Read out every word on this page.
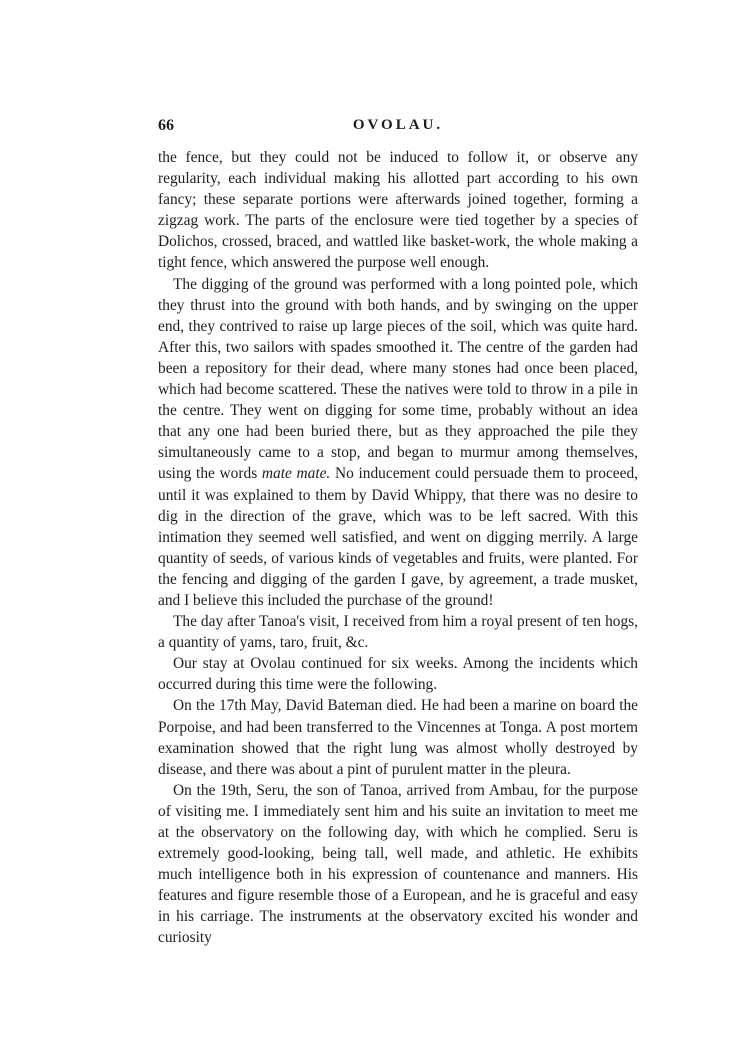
66	OVOLAU.

the fence, but they could not be induced to follow it, or observe any regularity, each individual making his allotted part according to his own fancy; these separate portions were afterwards joined together, forming a zigzag work. The parts of the enclosure were tied together by a species of Dolichos, crossed, braced, and wattled like basket-work, the whole making a tight fence, which answered the purpose well enough.

The digging of the ground was performed with a long pointed pole, which they thrust into the ground with both hands, and by swinging on the upper end, they contrived to raise up large pieces of the soil, which was quite hard. After this, two sailors with spades smoothed it. The centre of the garden had been a repository for their dead, where many stones had once been placed, which had become scattered. These the natives were told to throw in a pile in the centre. They went on digging for some time, probably without an idea that any one had been buried there, but as they approached the pile they simultaneously came to a stop, and began to murmur among themselves, using the words mate mate. No inducement could persuade them to proceed, until it was explained to them by David Whippy, that there was no desire to dig in the direction of the grave, which was to be left sacred. With this intimation they seemed well satisfied, and went on digging merrily. A large quantity of seeds, of various kinds of vegetables and fruits, were planted. For the fencing and digging of the garden I gave, by agreement, a trade musket, and I believe this included the purchase of the ground!

The day after Tanoa's visit, I received from him a royal present of ten hogs, a quantity of yams, taro, fruit, &c.

Our stay at Ovolau continued for six weeks. Among the incidents which occurred during this time were the following.

On the 17th May, David Bateman died. He had been a marine on board the Porpoise, and had been transferred to the Vincennes at Tonga. A post mortem examination showed that the right lung was almost wholly destroyed by disease, and there was about a pint of purulent matter in the pleura.

On the 19th, Seru, the son of Tanoa, arrived from Ambau, for the purpose of visiting me. I immediately sent him and his suite an invitation to meet me at the observatory on the following day, with which he complied. Seru is extremely good-looking, being tall, well made, and athletic. He exhibits much intelligence both in his expression of countenance and manners. His features and figure resemble those of a European, and he is graceful and easy in his carriage. The instruments at the observatory excited his wonder and curiosity
